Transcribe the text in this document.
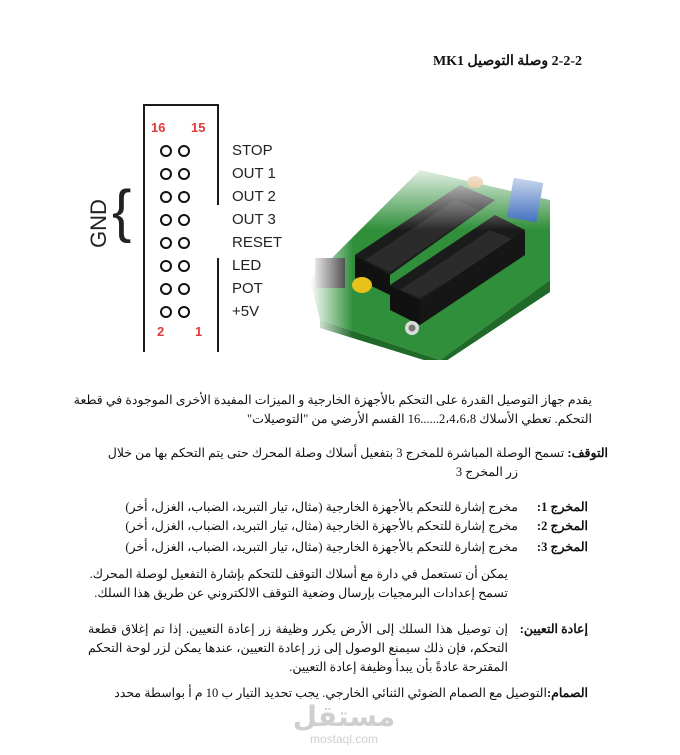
2-2-2 وصلة التوصيل MK1
16 15
2 1
STOP
OUT 1
OUT 2
OUT 3
RESET
LED
POT
+5V
GND {
يقدم جهاز التوصيل القدرة على التحكم بالأجهزة الخارجية و الميزات المفيدة الأخرى الموجودة في قطعة
التحكم. تعطي الأسلاك 2،4،6،8......16 القسم الأرضي من "التوصيلات"
التوقف: تسمح الوصلة المباشرة للمخرج 3 بتفعيل أسلاك وصلة المحرك حتى يتم التحكم بها من خلال
زر المخرج 3
المخرج 1:
مخرج إشارة للتحكم بالأجهزة الخارجية (مثال، تيار التبريد، الضباب، الغزل، أخر)
المخرج 2:
مخرج إشارة للتحكم بالأجهزة الخارجية (مثال، تيار التبريد، الضباب، الغزل، أخر)
المخرج 3:
مخرج إشارة للتحكم بالأجهزة الخارجية (مثال، تيار التبريد، الضباب، الغزل، أخر)
يمكن أن تستعمل في دارة مع أسلاك التوقف للتحكم بإشارة التفعيل لوصلة المحرك.
تسمح إعدادات البرمجيات بإرسال وضعية التوقف الالكتروني عن طريق هذا السلك.
إعادة التعيين:
إن توصيل هذا السلك إلى الأرض يكرر وظيفة زر إعادة التعيين. إذا تم إغلاق قطعة التحكم، فإن ذلك سيمنع الوصول إلى زر إعادة التعيين، عندها يمكن لزر لوحة التحكم المقترحة عادةً بأن يبدأ وظيفة إعادة التعيين.
الصمام:التوصيل مع الصمام الضوئي الثنائي الخارجي. يجب تحديد التيار ب 10 م أ بواسطة محدد
مستقل
mostaql.com
